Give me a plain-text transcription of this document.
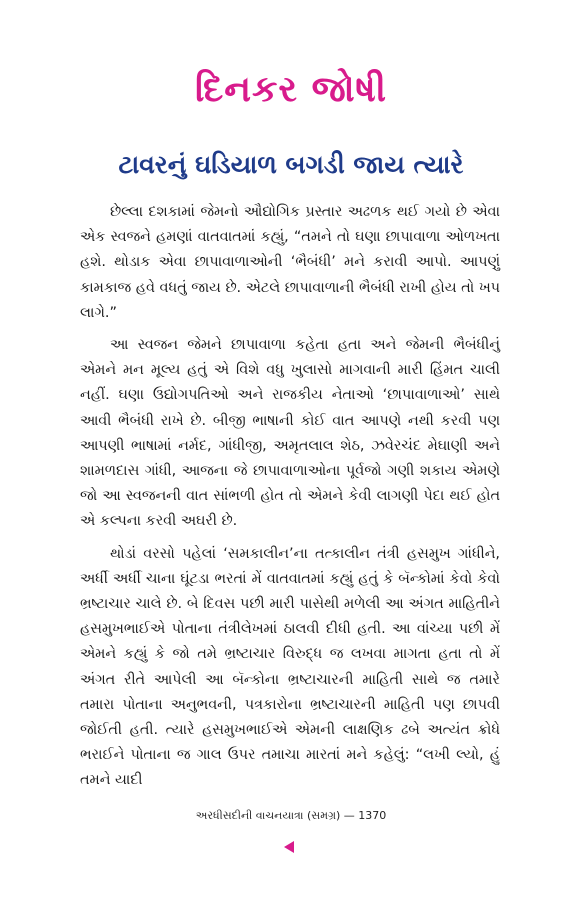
દિનકર જોષી
ટાવરનું ઘડિયાળ બગડી જાય ત્યારે

છેલ્લા દશકામાં જેમનો ઔદ્યોગિક પ્રસ્તાર અઢળક થઈ ગયો છે એવા એક સ્વજને હમણાં વાતવાતમાં કહ્યું, “તમને તો ઘણા છાપાવાળા ઓળખતા હશે. થોડાક એવા છાપાવાળાઓની ‘ભૈબંધી’ મને કરાવી આપો. આપણું કામકાજ હવે વધતું જાય છે. એટલે છાપાવાળાની ભૈબંધી રાખી હોય તો ખપ લાગે.”

આ સ્વજન જેમને છાપાવાળા કહેતા હતા અને જેમની ભૈબંધીનું એમને મન મૂલ્ય હતું એ વિશે વધુ ખુલાસો માગવાની મારી હિંમત ચાલી નહીં. ઘણા ઉદ્યોગપતિઓ અને રાજકીય નેતાઓ ‘છાપાવાળાઓ’ સાથે આવી ભૈબંધી રાખે છે. બીજી ભાષાની કોઈ વાત આપણે નથી કરવી પણ આપણી ભાષામાં નર્મદ, ગાંધીજી, અમૃતલાલ શેઠ, ઝવેરચંદ મેઘાણી અને શામળદાસ ગાંધી, આજના જે છાપાવાળાઓના પૂર્વજો ગણી શકાય એમણે જો આ સ્વજનની વાત સાંભળી હોત તો એમને કેવી લાગણી પેદા થઈ હોત એ કલ્પના કરવી અઘરી છે.

થોડાં વરસો પહેલાં ‘સમકાલીન’ના તત્કાલીન તંત્રી હસમુખ ગાંધીને, અર્ધી અર્ધી ચાના ઘૂંટડા ભરતાં મેં વાતવાતમાં કહ્યું હતું કે બૅન્કોમાં કેવો કેવો ભ્રષ્ટાચાર ચાલે છે. બે દિવસ પછી મારી પાસેથી મળેલી આ અંગત માહિતીને હસમુખભાઈએ પોતાના તંત્રીલેખમાં ઠાલવી દીધી હતી. આ વાંચ્યા પછી મેં એમને કહ્યું કે જો તમે ભ્રષ્ટાચાર વિરુદ્ધ જ લખવા માગતા હતા તો મેં અંગત રીતે આપેલી આ બૅન્કોના ભ્રષ્ટાચારની માહિતી સાથે જ તમારે તમારા પોતાના અનુભવની, પત્રકારોના ભ્રષ્ટાચારની માહિતી પણ છાપવી જોઈતી હતી. ત્યારે હસમુખભાઈએ એમની લાક્ષણિક ઢબે અત્યંત ક્રોધે ભરાઈને પોતાના જ ગાલ ઉપર તમાચા મારતાં મને કહેલું: “લખી લ્યો, હું તમને યાદી

અરધીસદીની વાચનયાત્રા (સમગ્ર) — 1370
